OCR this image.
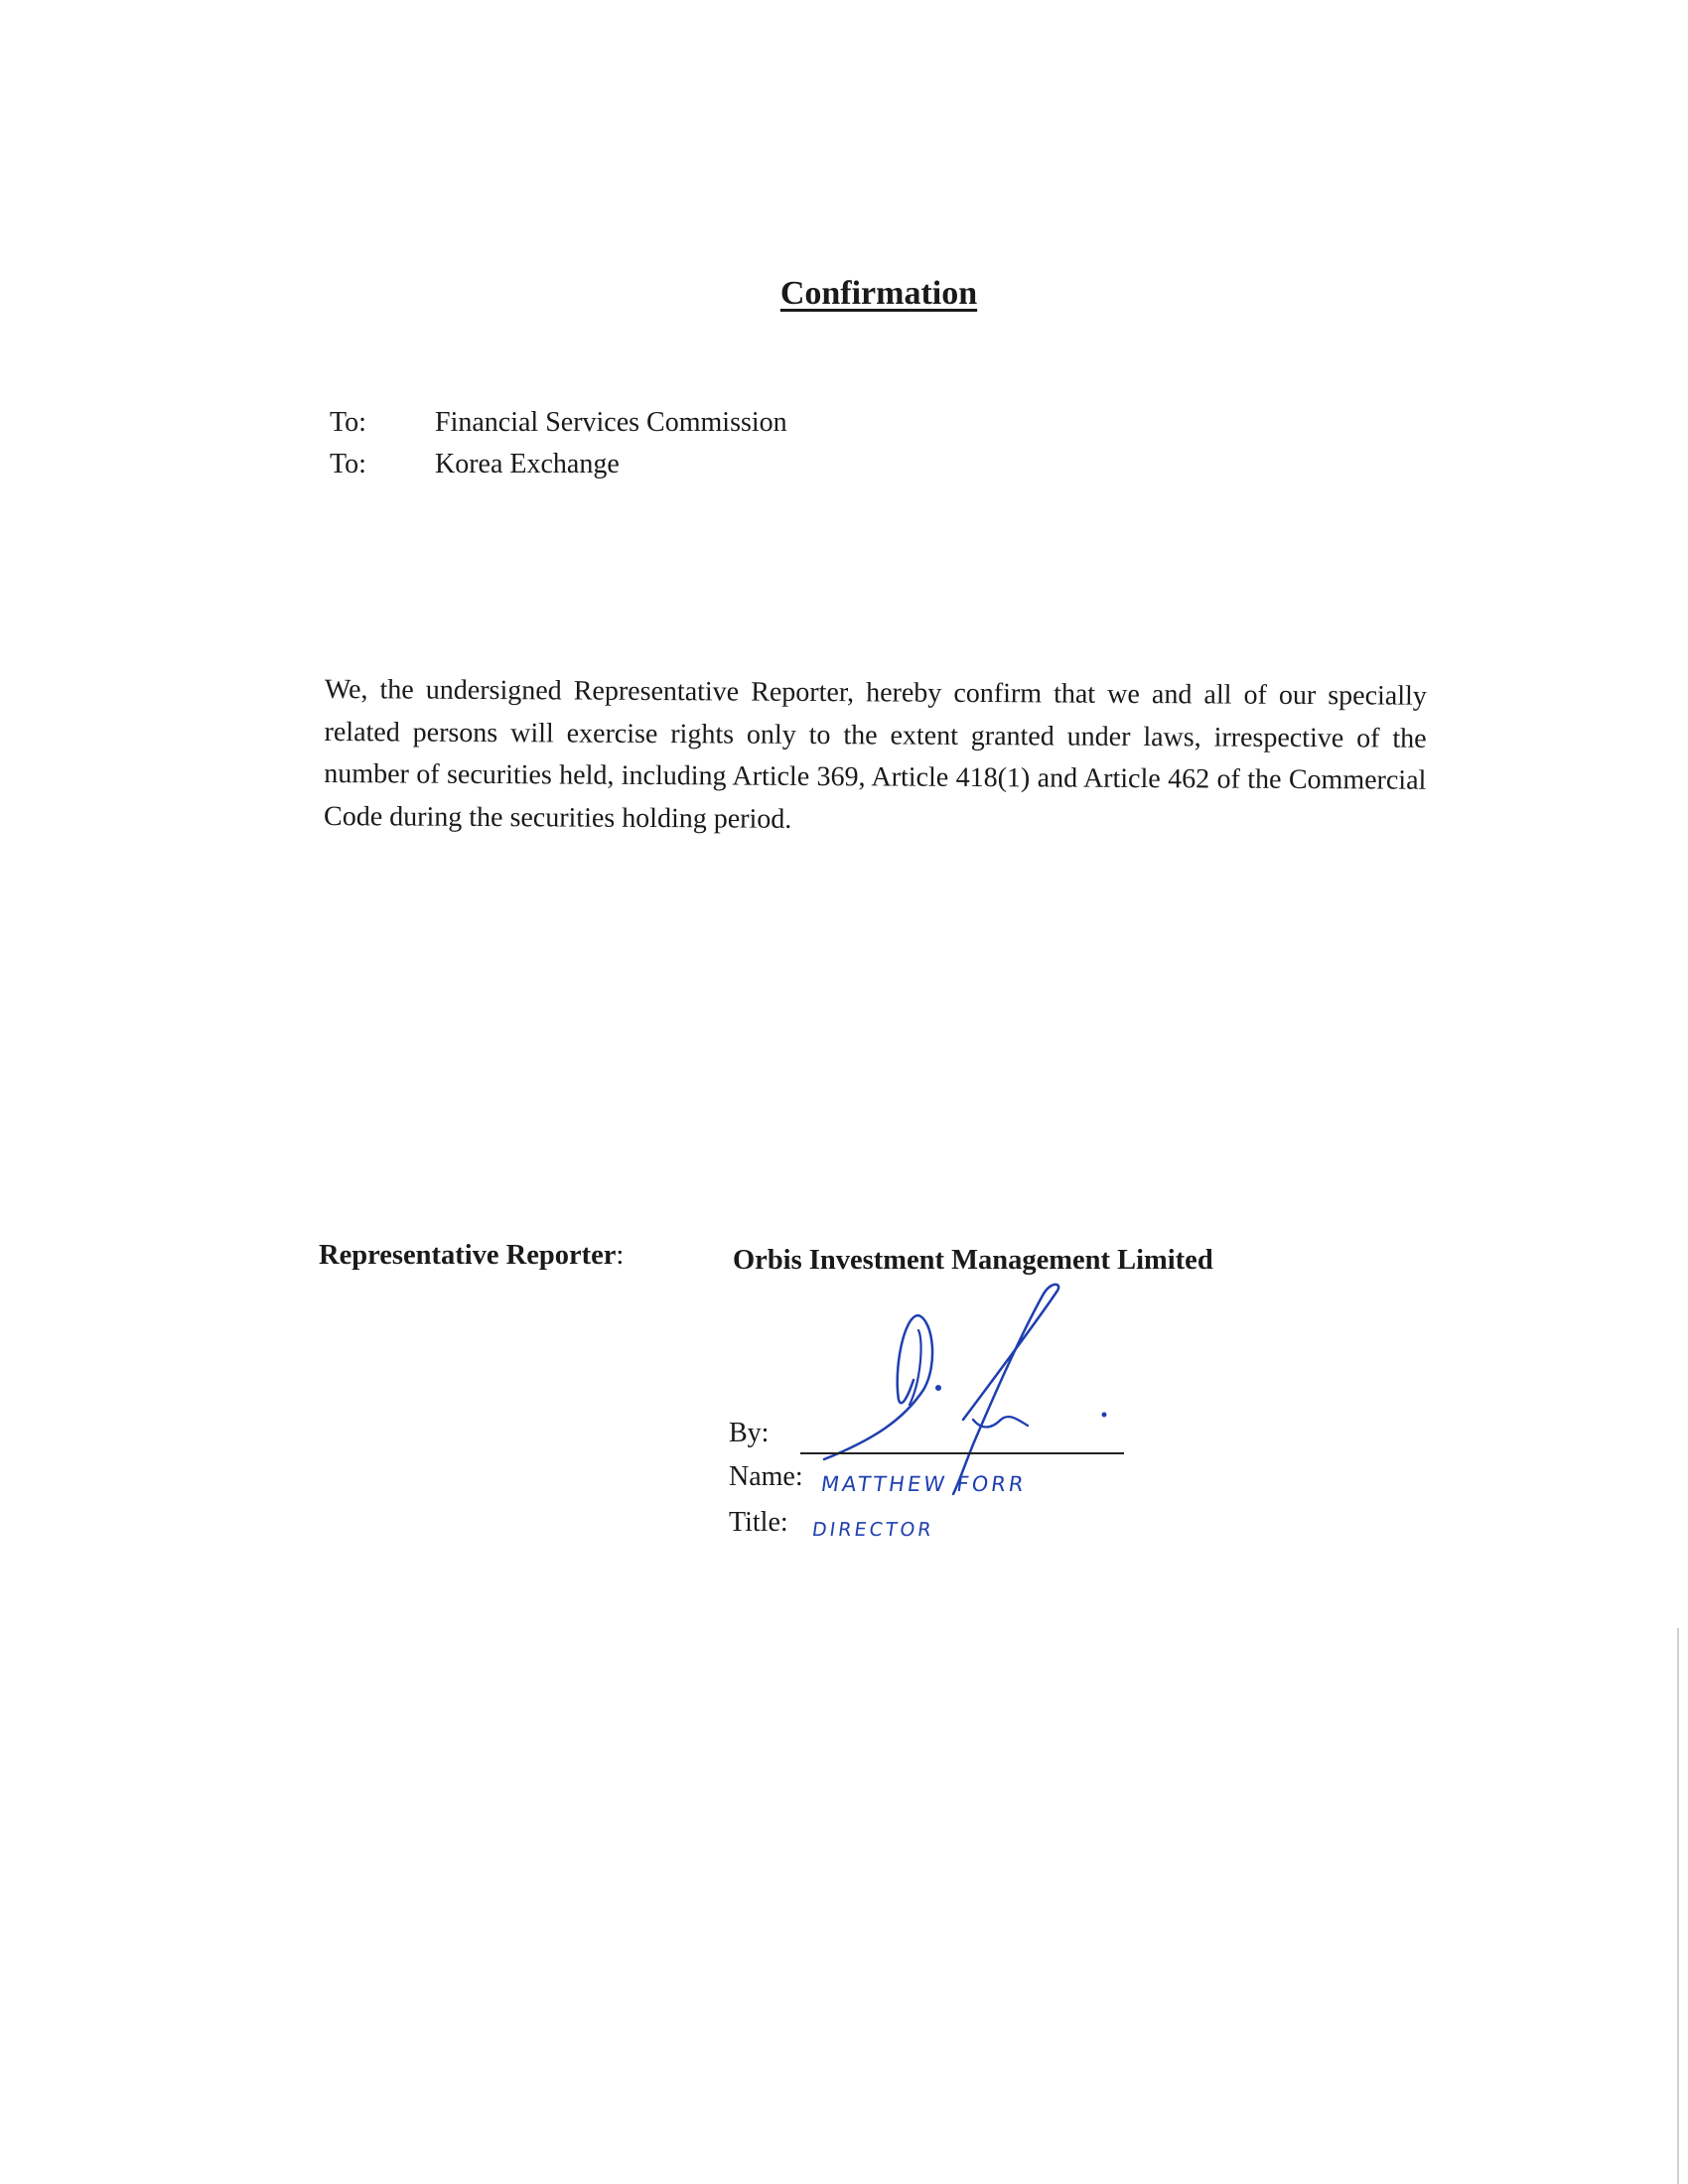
Confirmation
To: Financial Services Commission
To: Korea Exchange
We, the undersigned Representative Reporter, hereby confirm that we and all of our specially related persons will exercise rights only to the extent granted under laws, irrespective of the number of securities held, including Article 369, Article 418(1) and Article 462 of the Commercial Code during the securities holding period.
Representative Reporter:	Orbis Investment Management Limited
By:
Name: MATTHEW FORR
Title: DIRECTOR
